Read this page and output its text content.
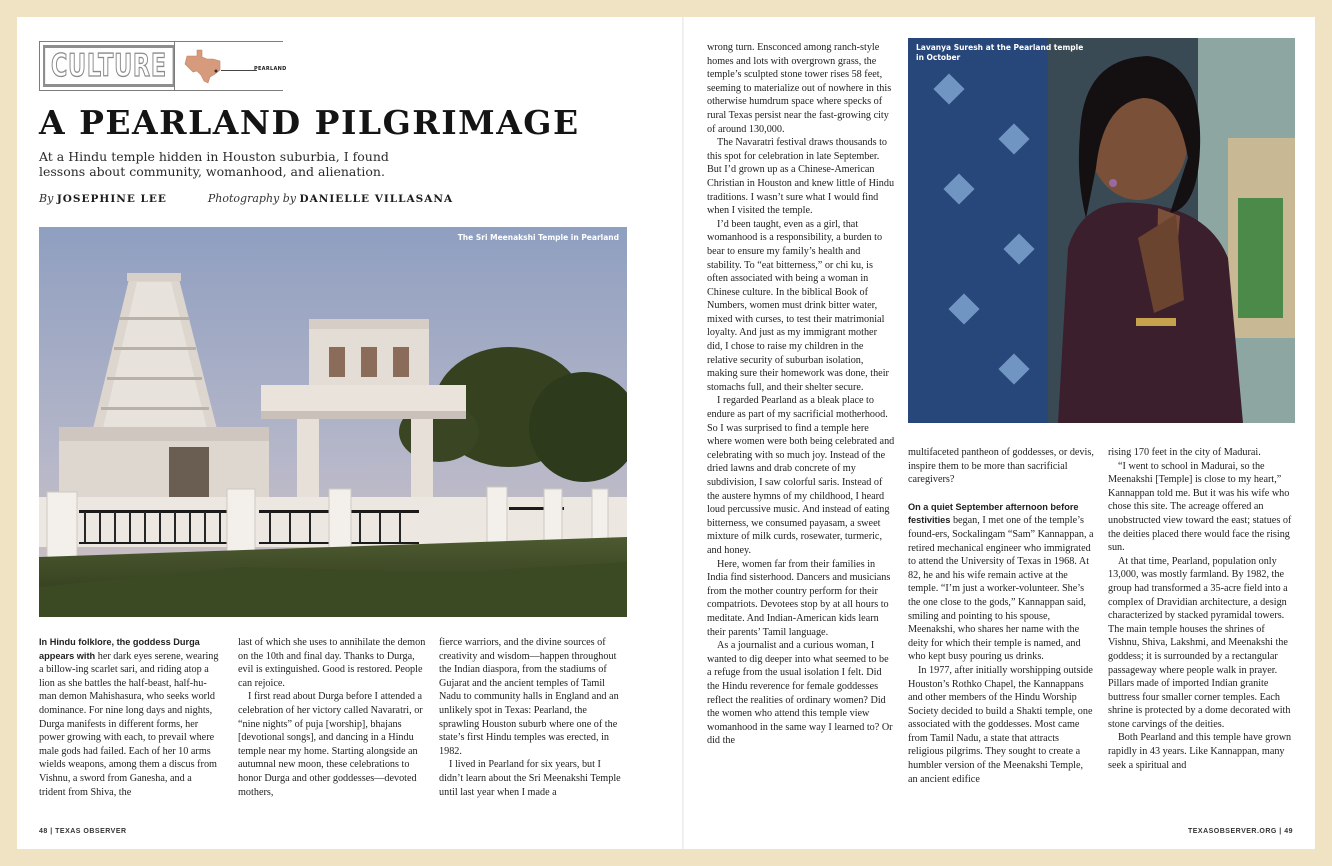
CULTURE	PEARLAND
A PEARLAND PILGRIMAGE

At a Hindu temple hidden in Houston suburbia, I found lessons about community, womanhood, and alienation.

By JOSEPHINE LEE	Photography by DANIELLE VILLASANA
The Sri Meenakshi Temple in Pearland
Lavanya Suresh at the Pearland temple
in October

In Hindu folklore, the goddess Durga appears with her dark eyes serene, wearing a billow-ing scarlet sari, and riding atop a lion as she battles the half-beast, half-hu-man demon Mahishasura, who seeks world dominance. For nine long days and nights, Durga manifests in different forms, her power growing with each, to prevail where male gods had failed. Each of her 10 arms wields weapons, among them a discus from Vishnu, a sword from Ganesha, and a trident from Shiva, the

last of which she uses to annihilate the demon on the 10th and final day. Thanks to Durga, evil is extinguished. Good is restored. People can rejoice.

I first read about Durga before I attended a celebration of her victory called Navaratri, or “nine nights” of puja [worship], bhajans [devotional songs], and dancing in a Hindu temple near my home. Starting alongside an autumnal new moon, these celebrations to honor Durga and other goddesses—devoted mothers,

fierce warriors, and the divine sources of creativity and wisdom—happen throughout the Indian diaspora, from the stadiums of Gujarat and the ancient temples of Tamil Nadu to community halls in England and an unlikely spot in Texas: Pearland, the sprawling Houston suburb where one of the state’s first Hindu temples was erected, in 1982.

I lived in Pearland for six years, but I didn’t learn about the Sri Meenakshi Temple until last year when I made a

wrong turn. Ensconced among ranch-style homes and lots with overgrown grass, the temple’s sculpted stone tower rises 58 feet, seeming to materialize out of nowhere in this otherwise humdrum space where specks of rural Texas persist near the fast-growing city of around 130,000.

The Navaratri festival draws thousands to this spot for celebration in late September. But I’d grown up as a Chinese-American Christian in Houston and knew little of Hindu traditions. I wasn’t sure what I would find when I visited the temple.

I’d been taught, even as a girl, that womanhood is a responsibility, a burden to bear to ensure my family’s health and stability. To “eat bitterness,” or chi ku, is often associated with being a woman in Chinese culture. In the biblical Book of Numbers, women must drink bitter water, mixed with curses, to test their matrimonial loyalty. And just as my immigrant mother did, I chose to raise my children in the relative security of suburban isolation, making sure their homework was done, their stomachs full, and their shelter secure.

I regarded Pearland as a bleak place to endure as part of my sacrificial motherhood. So I was surprised to find a temple here where women were both being celebrated and celebrating with so much joy. Instead of the dried lawns and drab concrete of my subdivision, I saw colorful saris. Instead of the austere hymns of my childhood, I heard loud percussive music. And instead of eating bitterness, we consumed payasam, a sweet mixture of milk curds, rosewater, turmeric, and honey.

Here, women far from their families in India find sisterhood. Dancers and musicians from the mother country perform for their compatriots. Devotees stop by at all hours to meditate. And Indian-American kids learn their parents’ Tamil language.

As a journalist and a curious woman, I wanted to dig deeper into what seemed to be a refuge from the usual isolation I felt. Did the Hindu reverence for female goddesses reflect the realities of ordinary women? Did the women who attend this temple view womanhood in the same way I learned to? Or did the

multifaceted pantheon of goddesses, or devis, inspire them to be more than sacrificial caregivers?

On a quiet September afternoon before festivities began, I met one of the temple’s found-ers, Sockalingam “Sam” Kannappan, a retired mechanical engineer who immigrated to attend the University of Texas in 1968. At 82, he and his wife remain active at the temple. “I’m just a worker-volunteer. She’s the one close to the gods,” Kannappan said, smiling and pointing to his spouse, Meenakshi, who shares her name with the deity for which their temple is named, and who kept busy pouring us drinks.

In 1977, after initially worshipping outside Houston’s Rothko Chapel, the Kannappans and other members of the Hindu Worship Society decided to build a Shakti temple, one associated with the goddesses. Most came from Tamil Nadu, a state that attracts religious pilgrims. They sought to create a humbler version of the Meenakshi Temple, an ancient edifice

rising 170 feet in the city of Madurai.

“I went to school in Madurai, so the Meenakshi [Temple] is close to my heart,” Kannappan told me. But it was his wife who chose this site. The acreage offered an unobstructed view toward the east; statues of the deities placed there would face the rising sun.

At that time, Pearland, population only 13,000, was mostly farmland. By 1982, the group had transformed a 35-acre field into a complex of Dravidian architecture, a design characterized by stacked pyramidal towers. The main temple houses the shrines of Vishnu, Shiva, Lakshmi, and Meenakshi the goddess; it is surrounded by a rectangular passageway where people walk in prayer. Pillars made of imported Indian granite buttress four smaller corner temples. Each shrine is protected by a dome decorated with stone carvings of the deities.

Both Pearland and this temple have grown rapidly in 43 years. Like Kannappan, many seek a spiritual and

48 | TEXAS OBSERVER	TEXASOBSERVER.ORG | 49
